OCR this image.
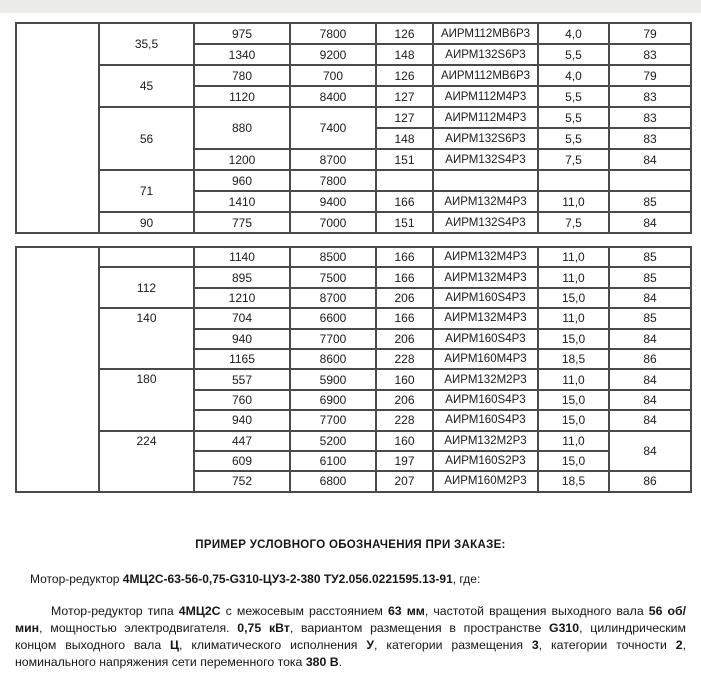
	35,5	975	7800	126	АИРМ112МВ6Р3	4,0	79
		1340	9200	148	АИРМ132S6Р3	5,5	83
	45	780	700	126	АИРМ112МВ6Р3	4,0	79
		1120	8400	127	АИРМ112М4Р3	5,5	83
	56	880	7400	127	АИРМ112М4Р3	5,5	83
				148	АИРМ132S6Р3	5,5	83
		1200	8700	151	АИРМ132S4Р3	7,5	84
	71	960	7800				
		1410	9400	166	АИРМ132М4Р3	11,0	85
	90	775	7000	151	АИРМ132S4Р3	7,5	84
		1140	8500	166	АИРМ132М4Р3	11,0	85
	112	895	7500	166	АИРМ132М4Р3	11,0	85
		1210	8700	206	АИРМ160S4Р3	15,0	84
	140	704	6600	166	АИРМ132М4Р3	11,0	85
		940	7700	206	АИРМ160S4Р3	15,0	84
		1165	8600	228	АИРМ160М4Р3	18,5	86
	180	557	5900	160	АИРМ132М2Р3	11,0	84
		760	6900	206	АИРМ160S4Р3	15,0	84
		940	7700	228	АИРМ160S4Р3	15,0	84
	224	447	5200	160	АИРМ132М2Р3	11,0	84
		609	6100	197	АИРМ160S2Р3	15,0	
		752	6800	207	АИРМ160М2Р3	18,5	86
ПРИМЕР УСЛОВНОГО ОБОЗНАЧЕНИЯ ПРИ ЗАКАЗЕ:
Мотор-редуктор 4МЦ2С-63-56-0,75-G310-ЦУ3-2-380 ТУ2.056.0221595.13-91, где:
Мотор-редуктор типа 4МЦ2С с межосевым расстоянием 63 мм, частотой вращения выходного вала 56 об/мин, мощностью электродвигателя. 0,75 кВт, вариантом размещения в пространстве G310, цилиндрическим концом выходного вала Ц, климатического исполнения У, категории размещения 3, категории точности 2, номинального напряжения сети переменного тока 380 В.
